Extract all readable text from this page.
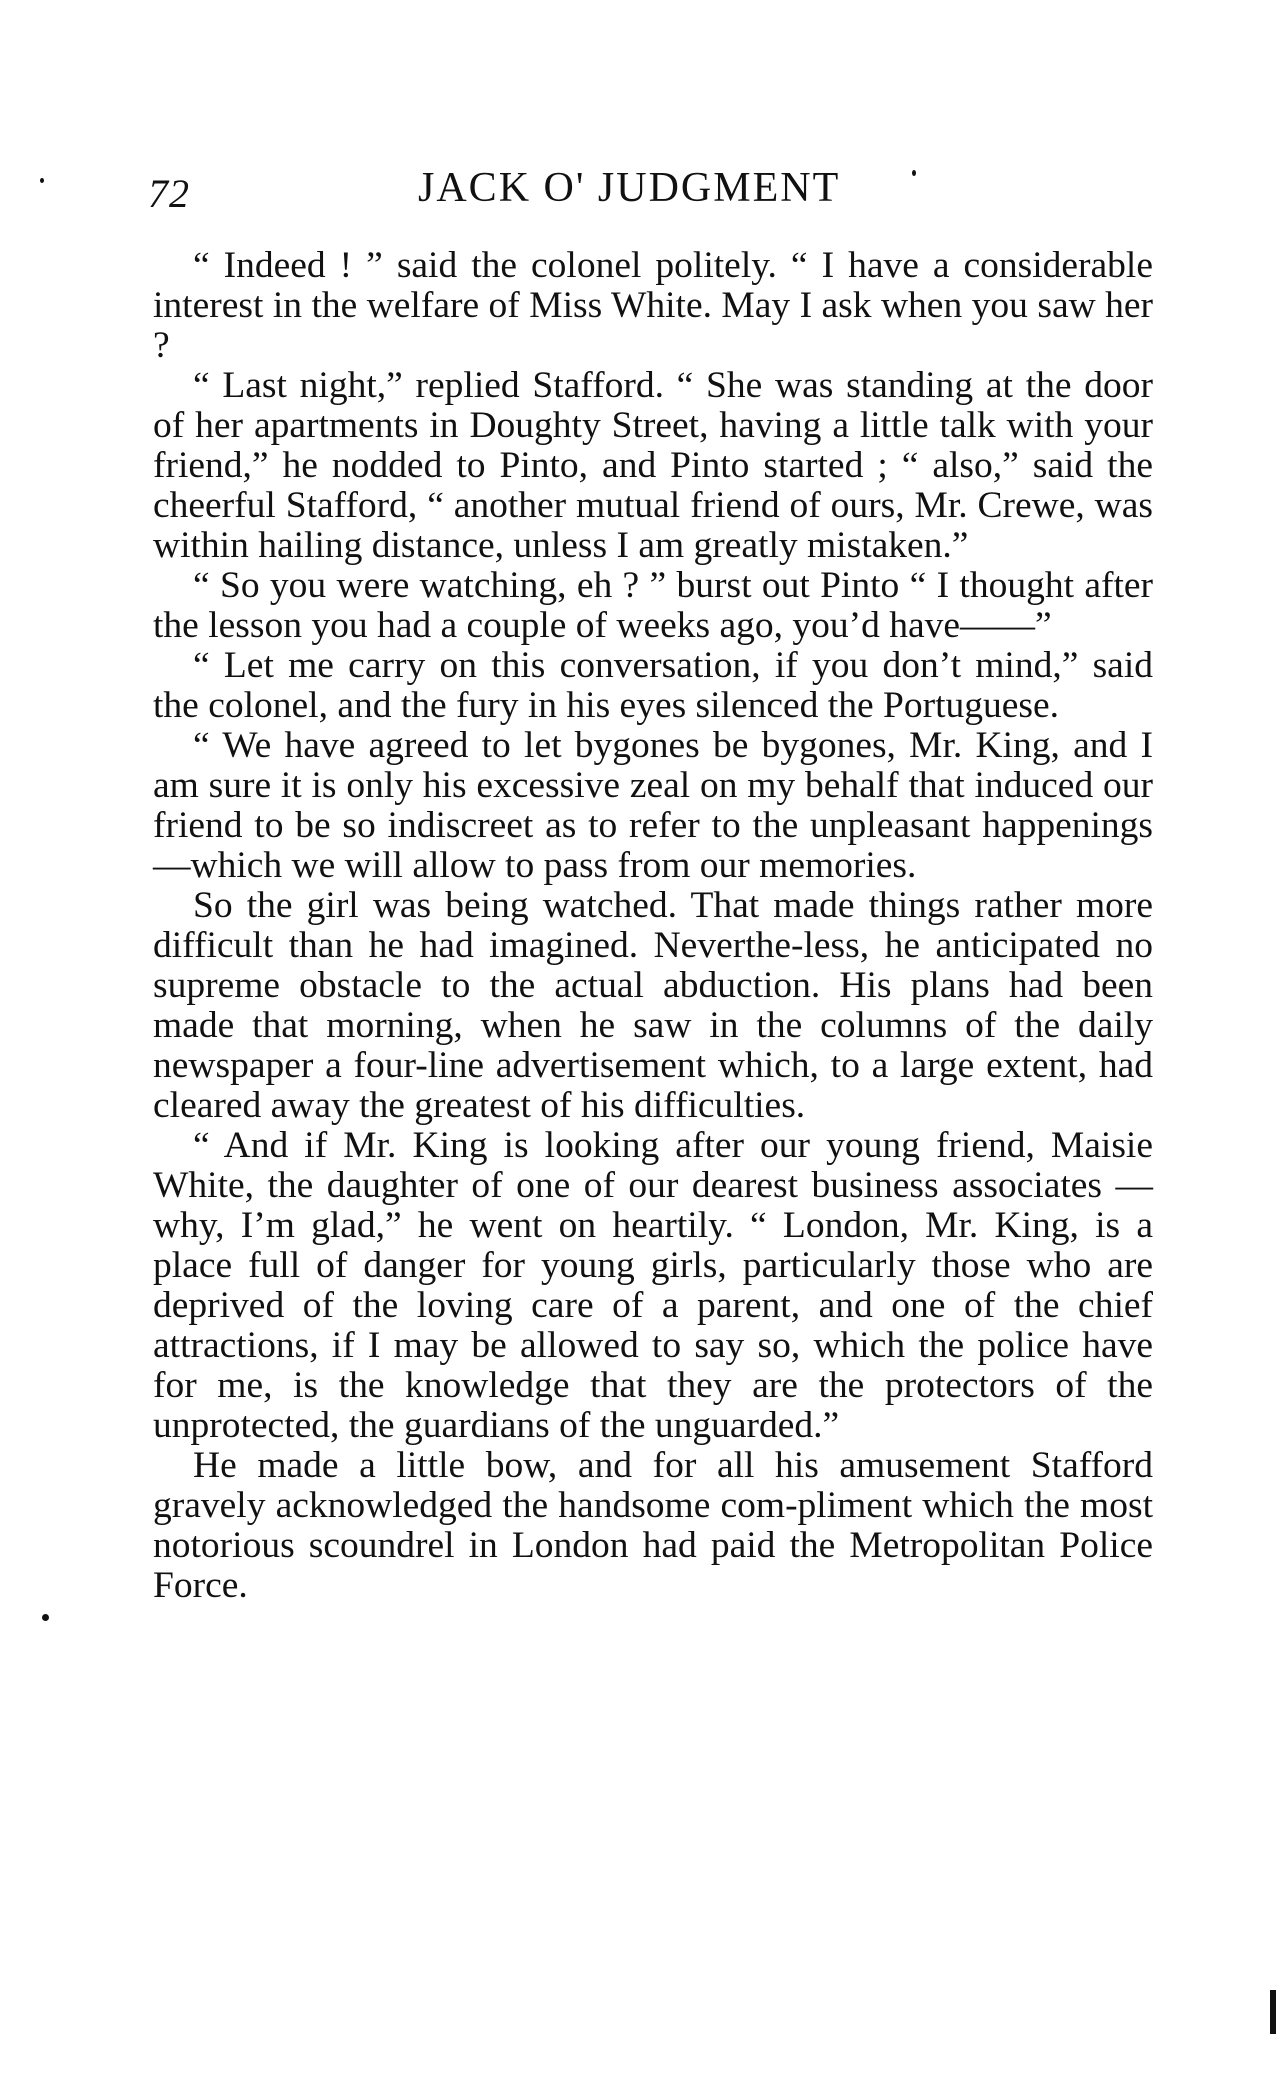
72	JACK O' JUDGMENT

“ Indeed ! ” said the colonel politely. “ I have a considerable interest in the welfare of Miss White. May I ask when you saw her ?

“ Last night,” replied Stafford. “ She was standing at the door of her apartments in Doughty Street, having a little talk with your friend,” he nodded to Pinto, and Pinto started ; “ also,” said the cheerful Stafford, “ another mutual friend of ours, Mr. Crewe, was within hailing distance, unless I am greatly mistaken.”

“ So you were watching, eh ? ” burst out Pinto “ I thought after the lesson you had a couple of weeks ago, you’d have——”

“ Let me carry on this conversation, if you don’t mind,” said the colonel, and the fury in his eyes silenced the Portuguese.

“ We have agreed to let bygones be bygones, Mr. King, and I am sure it is only his excessive zeal on my behalf that induced our friend to be so indiscreet as to refer to the unpleasant happenings—which we will allow to pass from our memories.

So the girl was being watched. That made things rather more difficult than he had imagined. Neverthe-less, he anticipated no supreme obstacle to the actual abduction. His plans had been made that morning, when he saw in the columns of the daily newspaper a four-line advertisement which, to a large extent, had cleared away the greatest of his difficulties.

“ And if Mr. King is looking after our young friend, Maisie White, the daughter of one of our dearest business associates — why, I’m glad,” he went on heartily. “ London, Mr. King, is a place full of danger for young girls, particularly those who are deprived of the loving care of a parent, and one of the chief attractions, if I may be allowed to say so, which the police have for me, is the knowledge that they are the protectors of the unprotected, the guardians of the unguarded.”

He made a little bow, and for all his amusement Stafford gravely acknowledged the handsome com-pliment which the most notorious scoundrel in London had paid the Metropolitan Police Force.
